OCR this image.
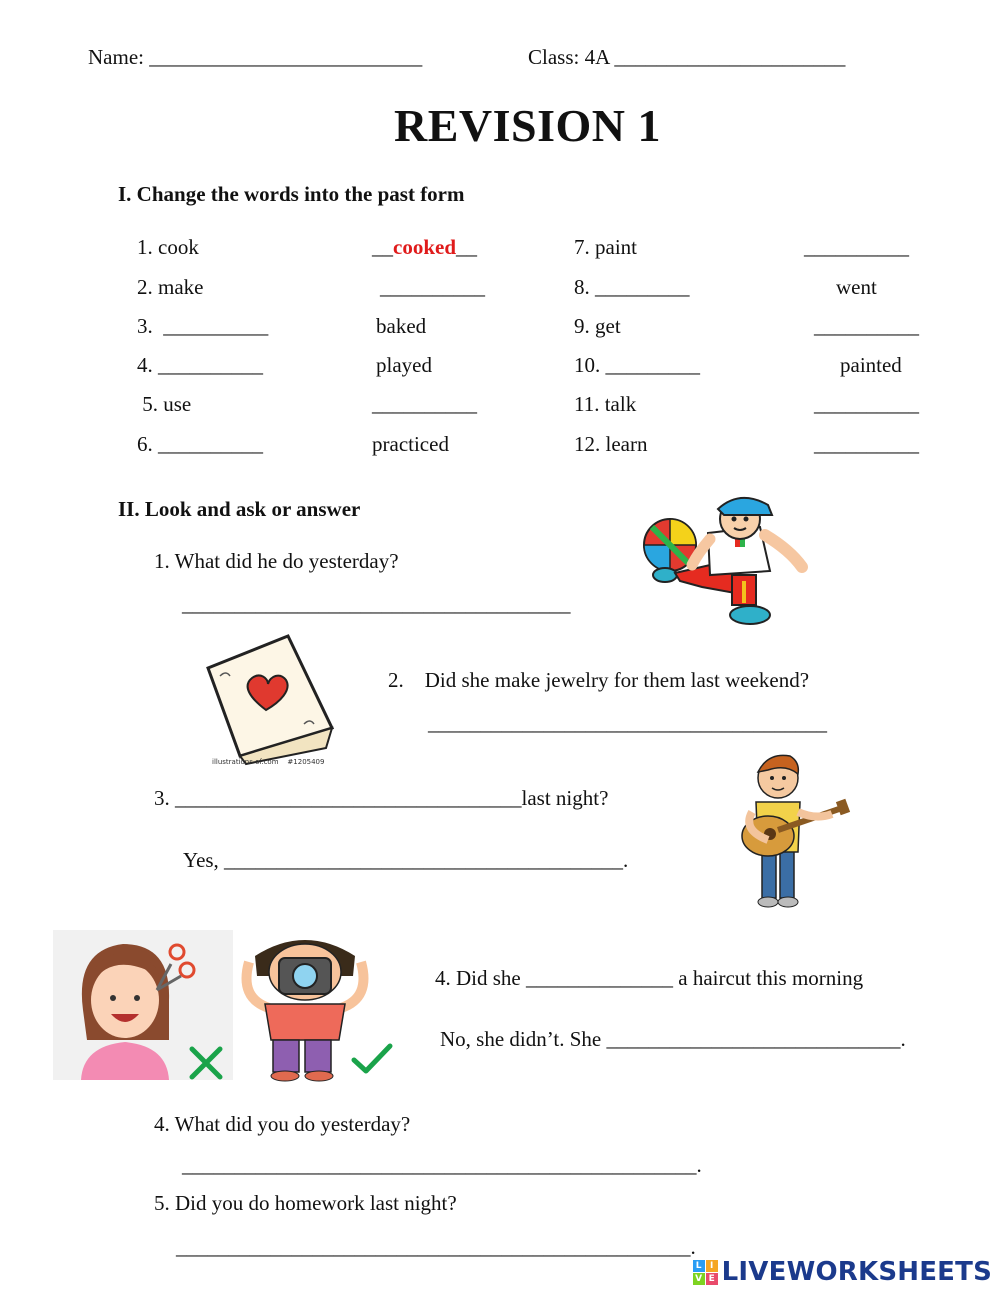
Name: __________________________	Class: 4A ______________________
REVISION 1
I. Change the words into the past form
1. cook	__cooked__
2. make	__________
3.  __________	baked
4. __________	played
5. use	__________
6. __________	practiced
7. paint	__________
8. _________	went
9. get	__________
10. _________	painted
11. talk	__________
12. learn	__________
II. Look and ask or answer
1. What did he do yesterday?
_____________________________________
illustrations of.com    #1205409
2.    Did she make jewelry for them last weekend?
______________________________________
3. _________________________________last night?
Yes, ______________________________________.
4. Did she ______________ a haircut this morning
No, she didn’t. She ____________________________.
4. What did you do yesterday?
_________________________________________________.
5. Did you do homework last night?
_________________________________________________.
L I
V E LIVEWORKSHEETS
